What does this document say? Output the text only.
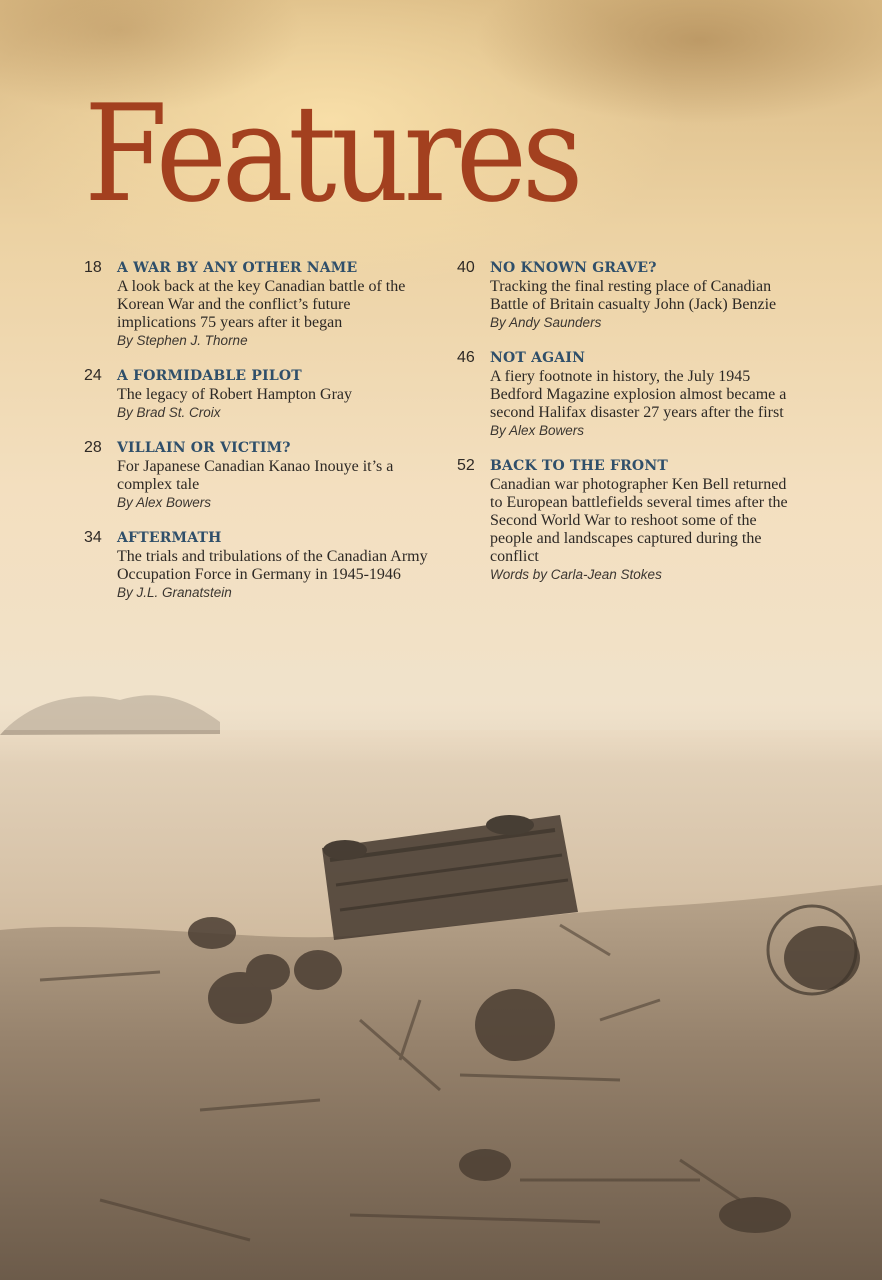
Features
18 A WAR BY ANY OTHER NAME
A look back at the key Canadian battle of the Korean War and the conflict’s future implications 75 years after it began
By Stephen J. Thorne
24 A FORMIDABLE PILOT
The legacy of Robert Hampton Gray
By Brad St. Croix
28 VILLAIN OR VICTIM?
For Japanese Canadian Kanao Inouye it’s a complex tale
By Alex Bowers
34 AFTERMATH
The trials and tribulations of the Canadian Army Occupation Force in Germany in 1945-1946
By J.L. Granatstein
40 NO KNOWN GRAVE?
Tracking the final resting place of Canadian Battle of Britain casualty John (Jack) Benzie
By Andy Saunders
46 NOT AGAIN
A fiery footnote in history, the July 1945 Bedford Magazine explosion almost became a second Halifax disaster 27 years after the first
By Alex Bowers
52 BACK TO THE FRONT
Canadian war photographer Ken Bell returned to European battlefields several times after the Second World War to reshoot some of the people and landscapes captured during the conflict
Words by Carla-Jean Stokes
